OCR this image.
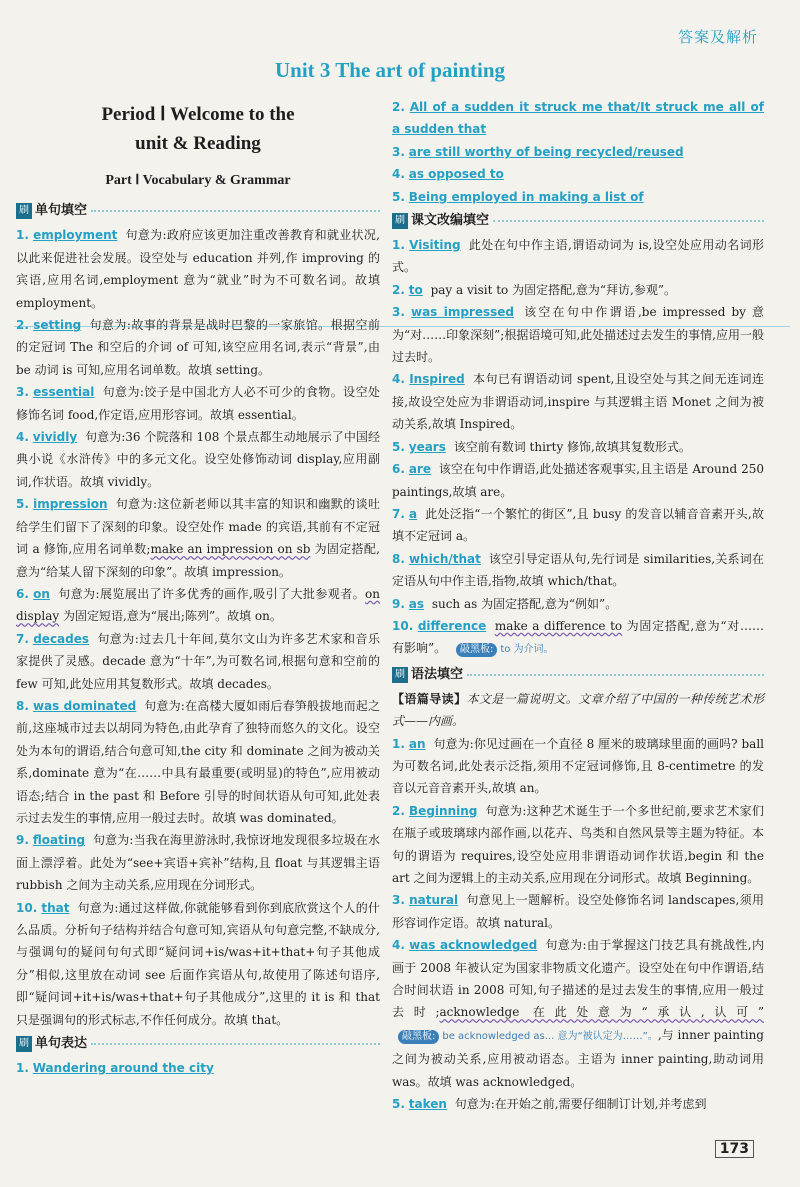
答案及解析
Unit 3 The art of painting
Period Ⅰ Welcome to the
unit & Reading
Part Ⅰ Vocabulary & Grammar
刷 单句填空
1. employment 句意为:政府应该更加注重改善教育和就业状况,以此来促进社会发展。设空处与 education 并列,作 improving 的宾语,应用名词,employment 意为“就业”时为不可数名词。故填 employment。
2. setting 句意为:故事的背景是战时巴黎的一家旅馆。根据空前的定冠词 The 和空后的介词 of 可知,该空应用名词,表示“背景”,由 be 动词 is 可知,应用名词单数。故填 setting。
3. essential 句意为:饺子是中国北方人必不可少的食物。设空处修饰名词 food,作定语,应用形容词。故填 essential。
4. vividly 句意为:36 个院落和 108 个景点都生动地展示了中国经典小说《水浒传》中的多元文化。设空处修饰动词 display,应用副词,作状语。故填 vividly。
5. impression 句意为:这位新老师以其丰富的知识和幽默的谈吐给学生们留下了深刻的印象。设空处作 made 的宾语,其前有不定冠词 a 修饰,应用名词单数;make an impression on sb 为固定搭配,意为“给某人留下深刻的印象”。故填 impression。
6. on 句意为:展览展出了许多优秀的画作,吸引了大批参观者。on display 为固定短语,意为“展出;陈列”。故填 on。
7. decades 句意为:过去几十年间,莫尔文山为许多艺术家和音乐家提供了灵感。decade 意为“十年”,为可数名词,根据句意和空前的 few 可知,此处应用其复数形式。故填 decades。
8. was dominated 句意为:在高楼大厦如雨后春笋般拔地而起之前,这座城市过去以胡同为特色,由此孕育了独特而悠久的文化。设空处为本句的谓语,结合句意可知,the city 和 dominate 之间为被动关系,dominate 意为“在……中具有最重要(或明显)的特色”,应用被动语态;结合 in the past 和 Before 引导的时间状语从句可知,此处表示过去发生的事情,应用一般过去时。故填 was dominated。
9. floating 句意为:当我在海里游泳时,我惊讶地发现很多垃圾在水面上漂浮着。此处为“see+宾语+宾补”结构,且 float 与其逻辑主语 rubbish 之间为主动关系,应用现在分词形式。
10. that 句意为:通过这样做,你就能够看到你到底欣赏这个人的什么品质。分析句子结构并结合句意可知,宾语从句句意完整,不缺成分,与强调句的疑问句句式即“疑问词+is/was+it+that+句子其他成分”相似,这里放在动词 see 后面作宾语从句,故使用了陈述句语序,即“疑问词+it+is/was+that+句子其他成分”,这里的 it is 和 that 只是强调句的形式标志,不作任何成分。故填 that。
刷 单句表达
1. Wandering around the city
2. All of a sudden it struck me that/It struck me all of a sudden that
3. are still worthy of being recycled/reused
4. as opposed to
5. Being employed in making a list of
刷 课文改编填空
1. Visiting 此处在句中作主语,谓语动词为 is,设空处应用动名词形式。
2. to pay a visit to 为固定搭配,意为“拜访,参观”。
3. was impressed 该空在句中作谓语,be impressed by 意为“对……印象深刻”;根据语境可知,此处描述过去发生的事情,应用一般过去时。
4. Inspired 本句已有谓语动词 spent,且设空处与其之间无连词连接,故设空处应为非谓语动词,inspire 与其逻辑主语 Monet 之间为被动关系,故填 Inspired。
5. years 该空前有数词 thirty 修饰,故填其复数形式。
6. are 该空在句中作谓语,此处描述客观事实,且主语是 Around 250 paintings,故填 are。
7. a 此处泛指“一个繁忙的街区”,且 busy 的发音以辅音音素开头,故填不定冠词 a。
8. which/that 该空引导定语从句,先行词是 similarities,关系词在定语从句中作主语,指物,故填 which/that。
9. as such as 为固定搭配,意为“例如”。
10. difference make a difference to 为固定搭配,意为“对……有影响”。 敲黑板: to 为介词。
刷 语法填空
【语篇导读】本文是一篇说明文。文章介绍了中国的一种传统艺术形式——内画。
1. an 句意为:你见过画在一个直径 8 厘米的玻璃球里面的画吗? ball 为可数名词,此处表示泛指,须用不定冠词修饰,且 8-centimetre 的发音以元音音素开头,故填 an。
2. Beginning 句意为:这种艺术诞生于一个多世纪前,要求艺术家们在瓶子或玻璃球内部作画,以花卉、鸟类和自然风景等主题为特征。本句的谓语为 requires,设空处应用非谓语动词作状语,begin 和 the art 之间为逻辑上的主动关系,应用现在分词形式。故填 Beginning。
3. natural 句意见上一题解析。设空处修饰名词 landscapes,须用形容词作定语。故填 natural。
4. was acknowledged 句意为:由于掌握这门技艺具有挑战性,内画于 2008 年被认定为国家非物质文化遗产。设空处在句中作谓语,结合时间状语 in 2008 可知,句子描述的是过去发生的事情,应用一般过去时;acknowledge 在此处意为“承认,认可” 敲黑板: be acknowledged as... 意为“被认定为……”。,与 inner painting 之间为被动关系,应用被动语态。主语为 inner painting,助动词用 was。故填 was acknowledged。
5. taken 句意为:在开始之前,需要仔细制订计划,并考虑到
173
